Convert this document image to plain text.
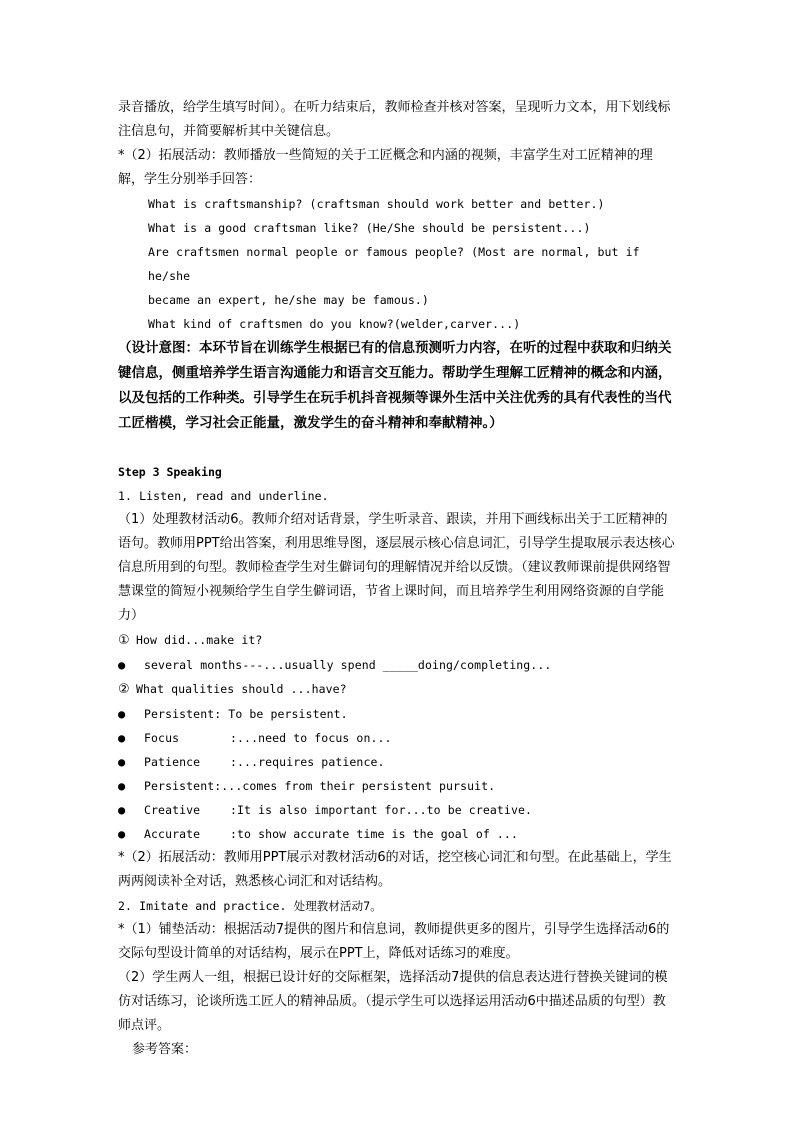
录音播放，给学生填写时间）。在听力结束后，教师检查并核对答案，呈现听力文本，用下划线标注信息句，并简要解析其中关键信息。

*（2）拓展活动：教师播放一些简短的关于工匠概念和内涵的视频，丰富学生对工匠精神的理解，学生分别举手回答：

What is craftsmanship? (craftsman should work better and better.)

What is a good craftsman like? (He/She should be persistent...)

Are craftsmen normal people or famous people? (Most are normal, but if he/she

became an expert, he/she may be famous.)

What kind of craftsmen do you know?(welder,carver...)

（设计意图：本环节旨在训练学生根据已有的信息预测听力内容，在听的过程中获取和归纳关键信息，侧重培养学生语言沟通能力和语言交互能力。帮助学生理解工匠精神的概念和内涵，以及包括的工作种类。引导学生在玩手机抖音视频等课外生活中关注优秀的具有代表性的当代工匠楷模，学习社会正能量，激发学生的奋斗精神和奉献精神。）

Step 3 Speaking

1. Listen, read and underline.

（1）处理教材活动6。教师介绍对话背景，学生听录音、跟读，并用下画线标出关于工匠精神的语句。教师用PPT给出答案，利用思维导图，逐层展示核心信息词汇，引导学生提取展示表达核心信息所用到的句型。教师检查学生对生僻词句的理解情况并给以反馈。（建议教师课前提供网络智慧课堂的简短小视频给学生自学生僻词语，节省上课时间，而且培养学生利用网络资源的自学能力）

① How did...make it?

●	several months---...usually spend _____doing/completing...

② What qualities should ...have?

●	Persistent:
To be persistent.
●	Focus	:...need to focus on...
●	Patience	:...requires patience.
●	Persistent: ...comes from their persistent pursuit.
●	Creative	:It is also important for...to be creative.
●	Accurate	:to show accurate time is the goal of ...

*（2）拓展活动：教师用PPT展示对教材活动6的对话，挖空核心词汇和句型。在此基础上，学生两两阅读补全对话，熟悉核心词汇和对话结构。

2. Imitate and practice. 处理教材活动7。

*（1）铺垫活动：根据活动7提供的图片和信息词，教师提供更多的图片，引导学生选择活动6的交际句型设计简单的对话结构，展示在PPT上，降低对话练习的难度。

（2）学生两人一组，根据已设计好的交际框架，选择活动7提供的信息表达进行替换关键词的模仿对话练习，论谈所选工匠人的精神品质。（提示学生可以选择运用活动6中描述品质的句型）教师点评。

参考答案：
